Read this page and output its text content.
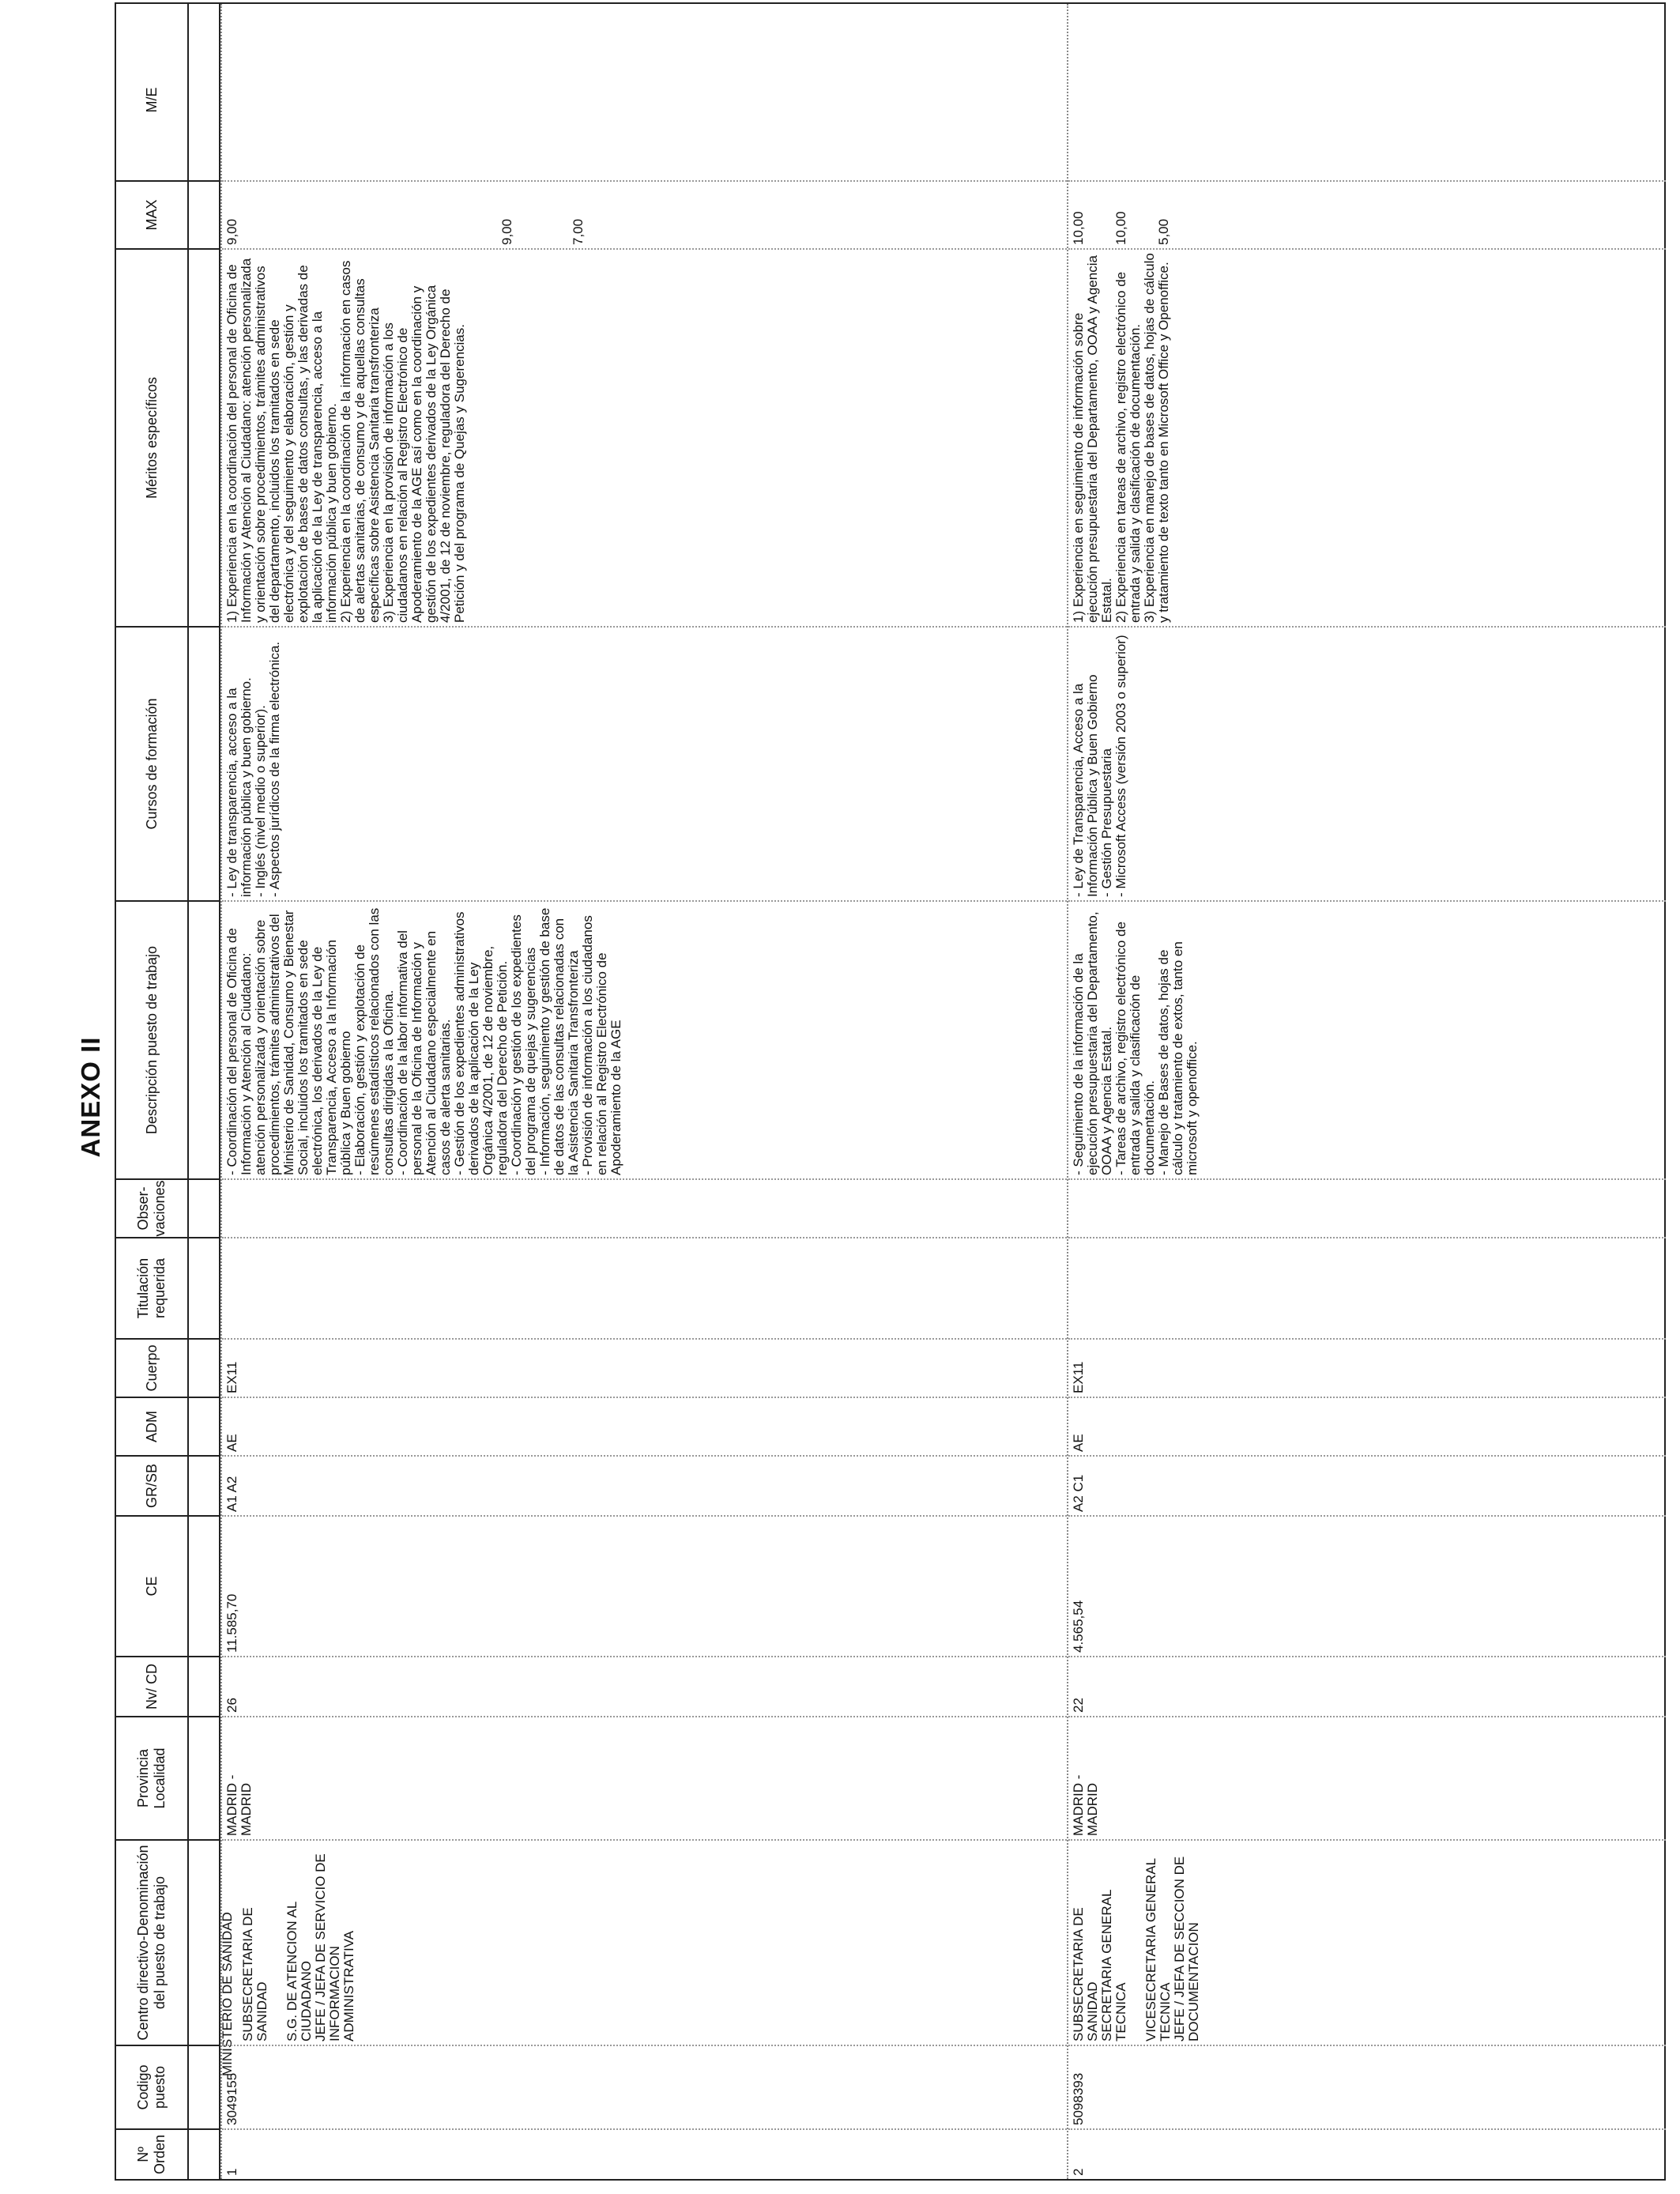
ANEXO II
Nº Orden
Codigo puesto
Centro directivo-Denominación del puesto de trabajo
Provincia Localidad
Nv/ CD
CE
GR/SB
ADM
Cuerpo
Titulación requerida
Obser-vaciones
Descripción puesto de trabajo
Cursos de formación
Méritos específicos
MAX
M/E
MINISTERIO DE SANIDAD
1
3049155
SUBSECRETARIA DE SANIDAD S.G. DE ATENCION AL CIUDADANO JEFE / JEFA DE SERVICIO DE INFORMACION ADMINISTRATIVA
MADRID - MADRID
26
11.585,70
A1 A2
AE
EX11
- Coordinación del personal de Oficina de Información y Atención al Ciudadano: atención personalizada y orientación sobre procedimientos, trámites administrativos del Ministerio de Sanidad, Consumo y Bienestar Social, incluidos los tramitados en sede electrónica, los derivados de la Ley de Transparencia, Acceso a la Información pública y Buen gobierno
- Elaboración, gestión y explotación de resúmenes estadísticos relacionados con las consultas dirigidas a la Oficina.
- Coordinación de la labor informativa del personal de la Oficina de Información y Atención al Ciudadano especialmente en casos de alerta sanitarias.
- Gestión de los expedientes administrativos derivados de la aplicación de la Ley Orgánica 4/2001, de 12 de noviembre, reguladora del Derecho de Petición.
- Coordinación y gestión de los expedientes del programa de quejas y sugerencias
- Información, seguimiento y gestión de base de datos de las consultas relacionadas con la Asistencia Sanitaria Transfronteriza
- Provisión de información a los ciudadanos en relación al Registro Electrónico de Apoderamiento de la AGE
- Ley de transparencia, acceso a la información pública y buen gobierno.
- Inglés (nivel medio o superior).
- Aspectos jurídicos de la firma electrónica.
1) Experiencia en la coordinación del personal de Oficina de Información y Atención al Ciudadano: atención personalizada y orientación sobre procedimientos, trámites administrativos del departamento, incluidos los tramitados en sede electrónica y del seguimiento y elaboración, gestión y explotación de bases de datos consultas, y las derivadas de la aplicación de la Ley de transparencia, acceso a la información pública y buen gobierno.
2) Experiencia en la coordinación de la información en casos de alertas sanitarias, de consumo y de aquellas consultas específicas sobre Asistencia Sanitaria transfronteriza
3) Experiencia en la provisión de información a los ciudadanos en relación al Registro Electrónico de Apoderamiento de la AGE así como en la coordinación y gestión de los expedientes derivados de la Ley Orgánica 4/2001, de 12 de noviembre, reguladora del Derecho de Petición y del programa de Quejas y Sugerencias.
9,00	9,00	7,00
2
5098393
SUBSECRETARIA DE SANIDAD SECRETARIA GENERAL TECNICA VICESECRETARIA GENERAL TECNICA JEFE / JEFA DE SECCION DE DOCUMENTACION
MADRID - MADRID
22
4.565,54
A2 C1
AE
EX11
- Seguimiento de la información de la ejecución presupuestaria del Departamento, OOAA y Agencia Estatal.
- Tareas de archivo, registro electrónico de entrada y salida y clasificación de documentación.
- Manejo de Bases de datos, hojas de cálculo y tratamiento de extos, tanto en microsoft y openoffice.
- Ley de Transparencia, Acceso a la Información Pública y Buen Gobierno
- Gestión Presupuestaria
- Microsoft Access (versión 2003 o superior)
1) Experiencia en seguimiento de información sobre ejecución presupuestaria del Departamento, OOAA y Agencia Estatal.
2) Experiencia en tareas de archivo, registro electrónico de entrada y salida y clasificación de documentación.
3) Experiencia en manejo de bases de datos, hojas de cálculo y tratamiento de texto tanto en Microsoft Office y Openoffice.
10,00 10,00 5,00
